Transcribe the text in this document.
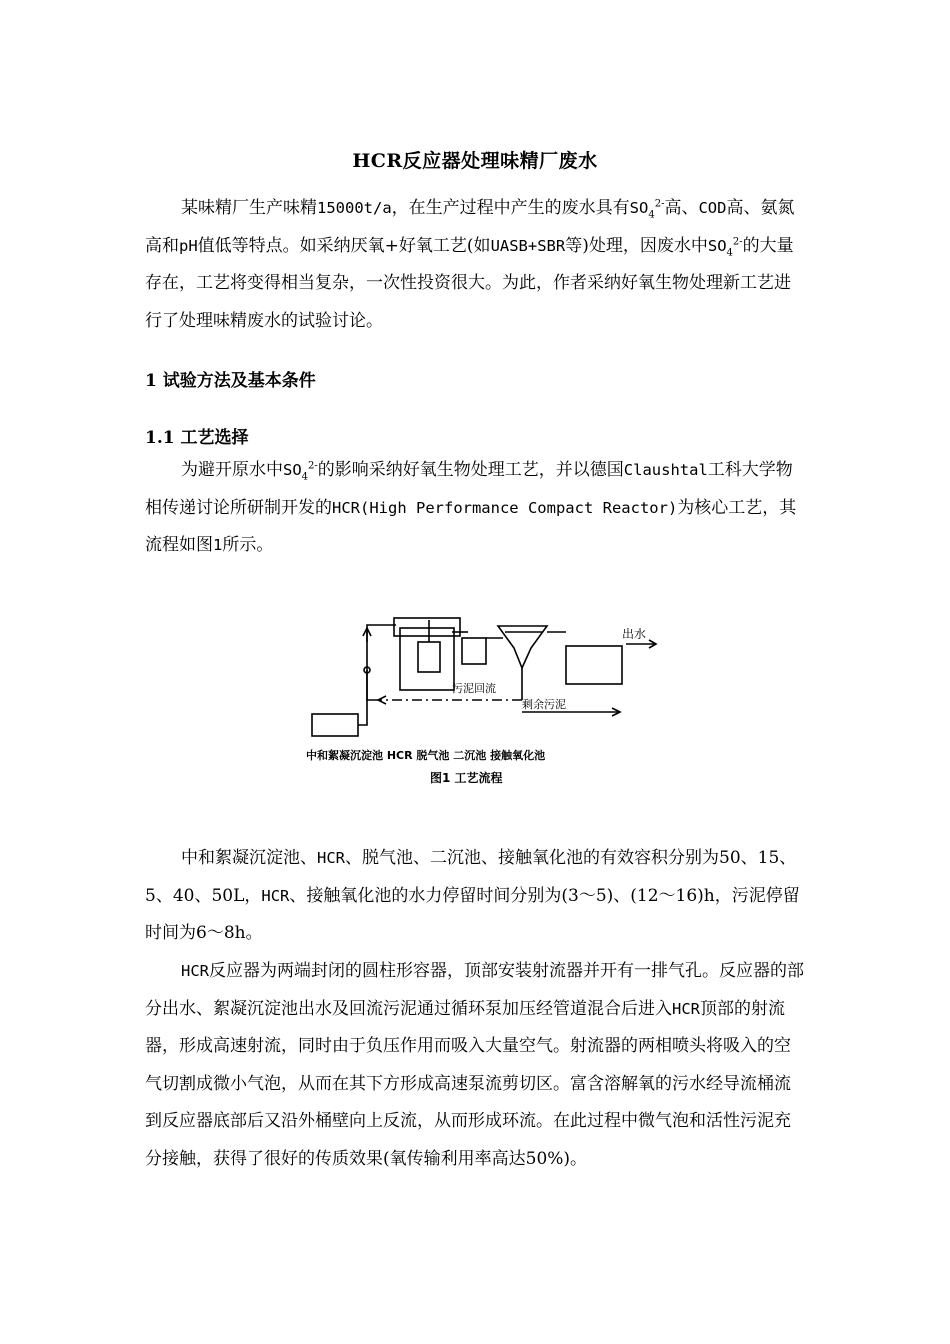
HCR反应器处理味精厂废水

某味精厂生产味精15000t/a，在生产过程中产生的废水具有$SO_4^{2-}$高、COD高、氨氮高和pH值低等特点。如采纳厌氧+好氧工艺(如UASB+SBR等)处理，因废水中$SO_4^{2-}$的大量存在，工艺将变得相当复杂，一次性投资很大。为此，作者采纳好氧生物处理新工艺进行了处理味精废水的试验讨论。

1 试验方法及基本条件

1.1 工艺选择

为避开原水中$SO_4^{2-}$的影响采纳好氧生物处理工艺，并以德国Claushtal工科大学物相传递讨论所研制开发的HCR(High Performance Compact Reactor)为核心工艺，其流程如图1所示。

出水
污泥回流
剩余污泥
中和絮凝沉淀池 HCR 脱气池 二沉池 接触氧化池
图1 工艺流程

中和絮凝沉淀池、HCR、脱气池、二沉池、接触氧化池的有效容积分别为50、15、5、40、50L，HCR、接触氧化池的水力停留时间分别为(3～5)、(12～16)h，污泥停留时间为6～8h。

HCR反应器为两端封闭的圆柱形容器，顶部安装射流器并开有一排气孔。反应器的部分出水、絮凝沉淀池出水及回流污泥通过循环泵加压经管道混合后进入HCR顶部的射流器，形成高速射流，同时由于负压作用而吸入大量空气。射流器的两相喷头将吸入的空气切割成微小气泡，从而在其下方形成高速泵流剪切区。富含溶解氧的污水经导流桶流到反应器底部后又沿外桶壁向上反流，从而形成环流。在此过程中微气泡和活性污泥充分接触，获得了很好的传质效果(氧传输利用率高达50%)。
